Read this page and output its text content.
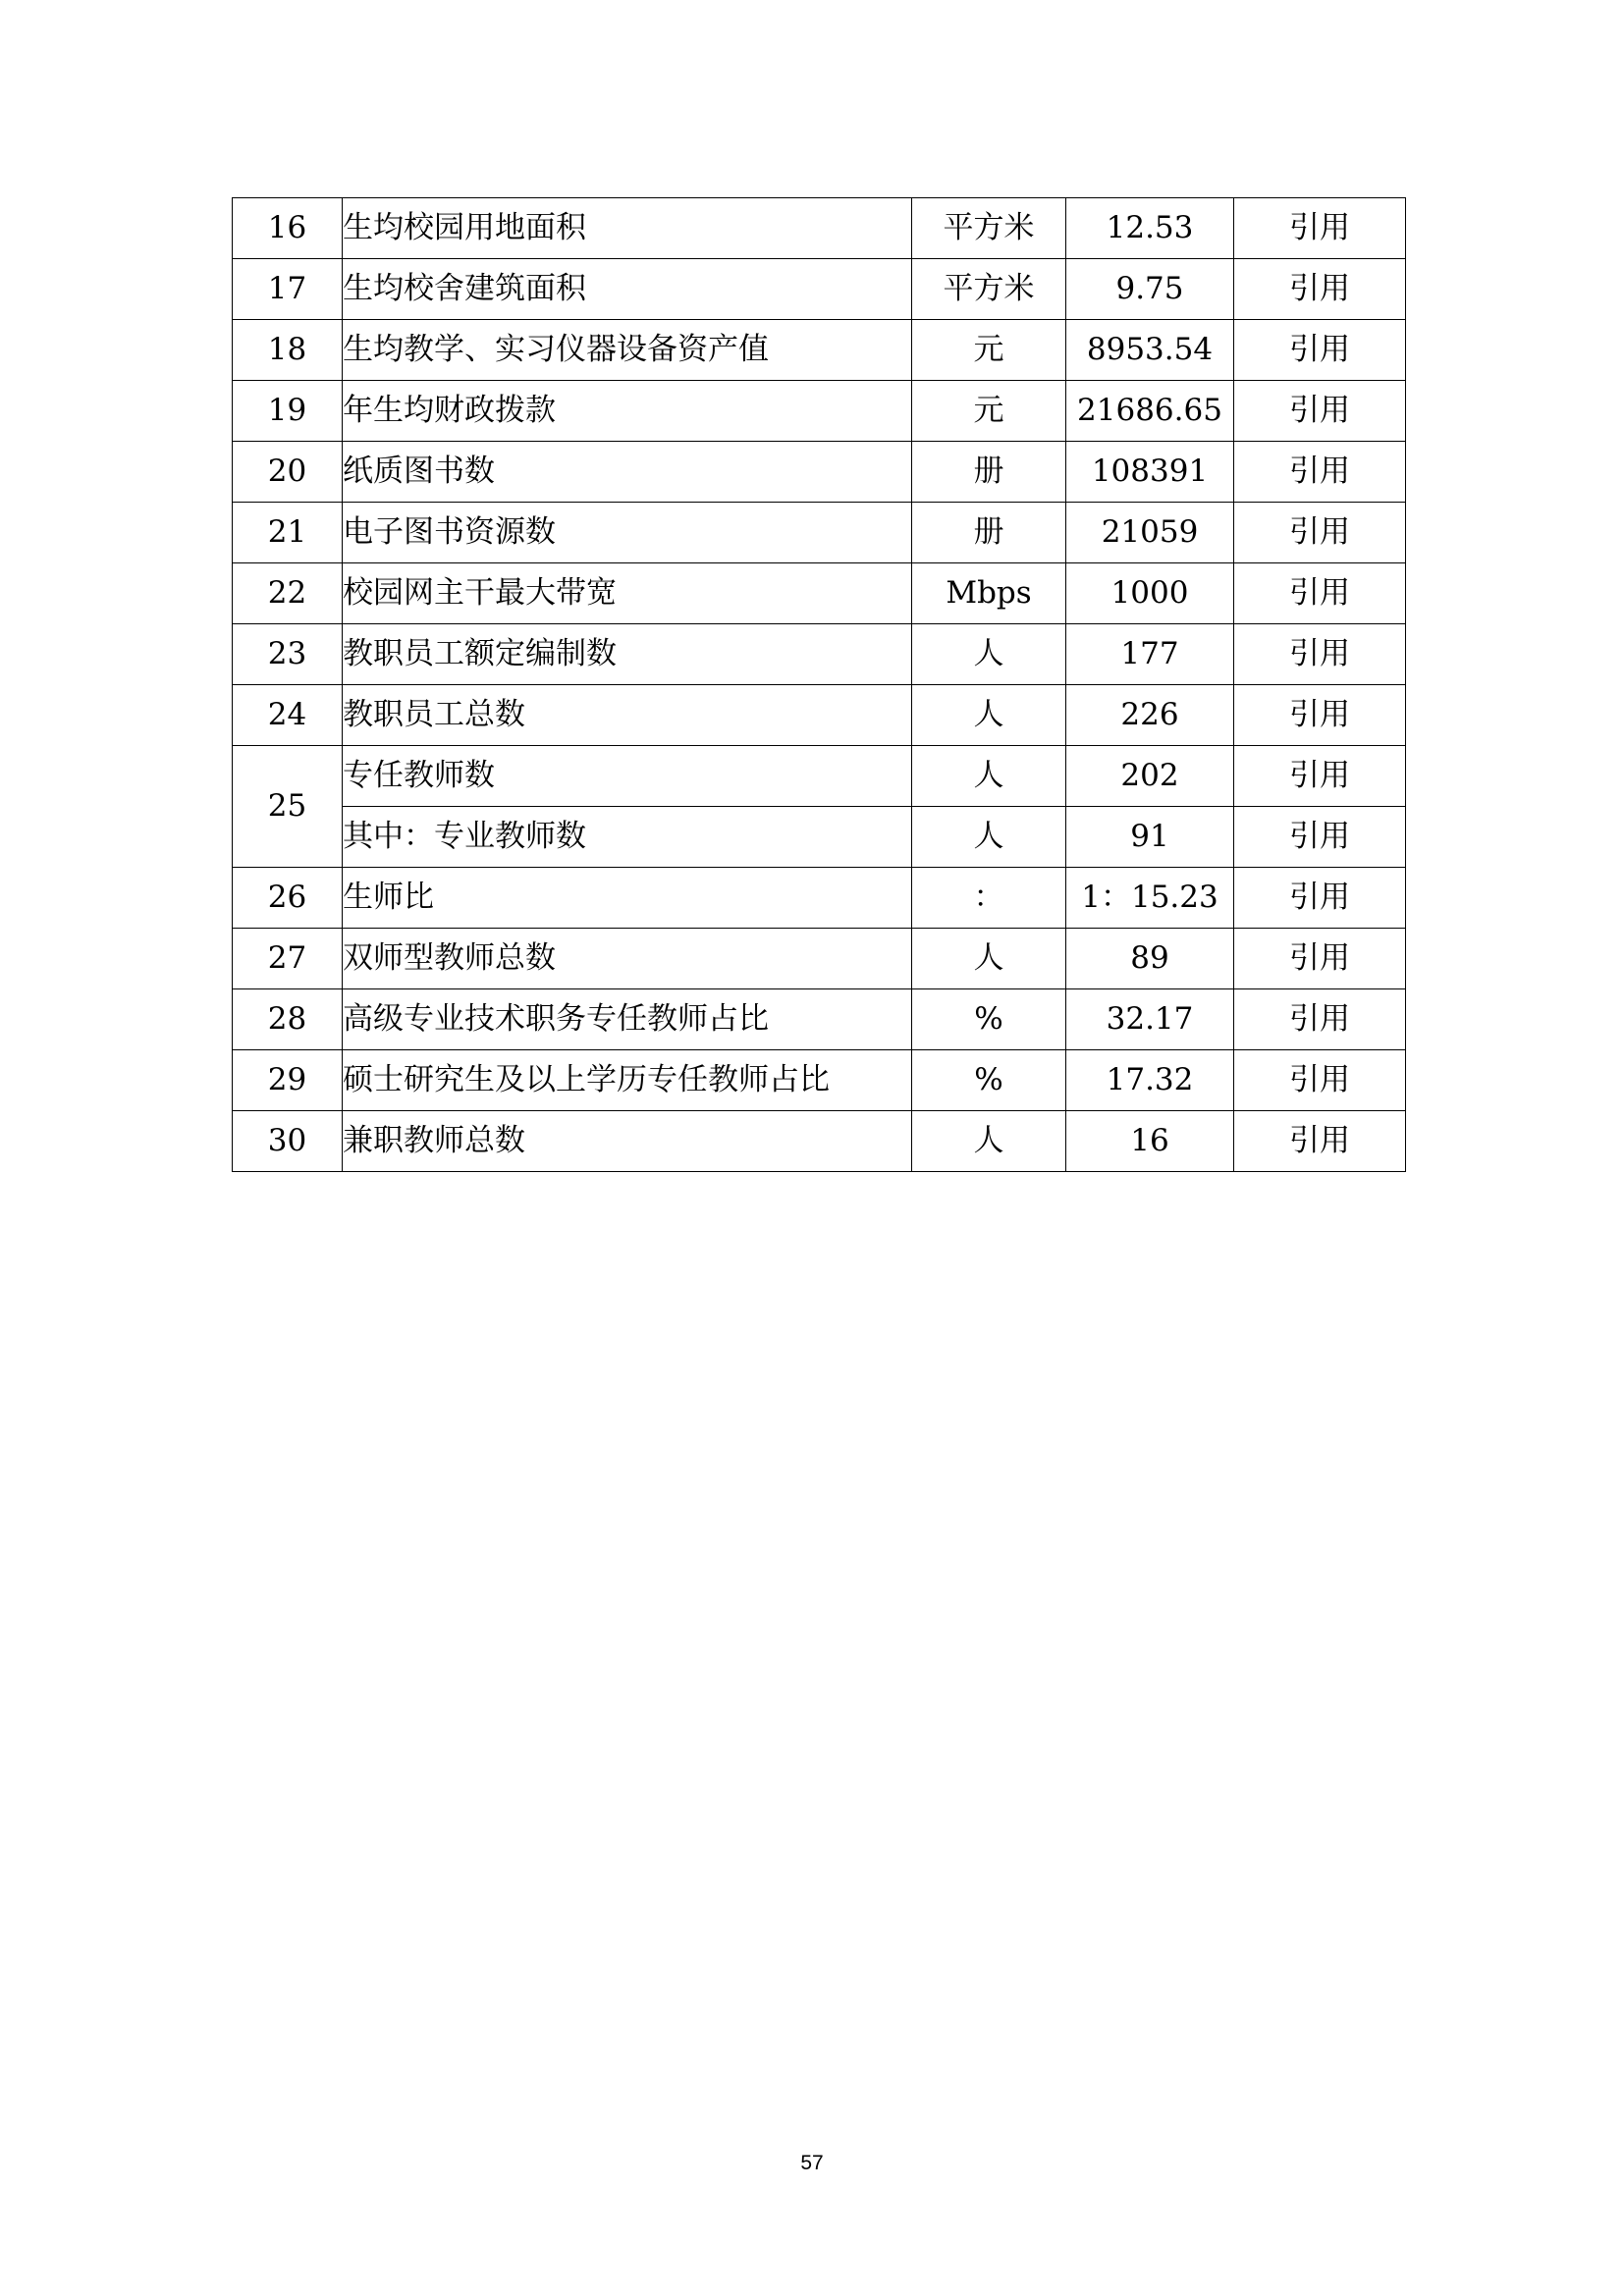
16	生均校园用地面积	平方米	12.53	引用
17	生均校舍建筑面积	平方米	9.75	引用
18	生均教学、实习仪器设备资产值	元	8953.54	引用
19	年生均财政拨款	元	21686.65	引用
20	纸质图书数	册	108391	引用
21	电子图书资源数	册	21059	引用
22	校园网主干最大带宽	Mbps	1000	引用
23	教职员工额定编制数	人	177	引用
24	教职员工总数	人	226	引用
25	专任教师数	人	202	引用
	其中：专业教师数	人	91	引用
26	生师比	：	1：15.23	引用
27	双师型教师总数	人	89	引用
28	高级专业技术职务专任教师占比	%	32.17	引用
29	硕士研究生及以上学历专任教师占比	%	17.32	引用
30	兼职教师总数	人	16	引用
57
